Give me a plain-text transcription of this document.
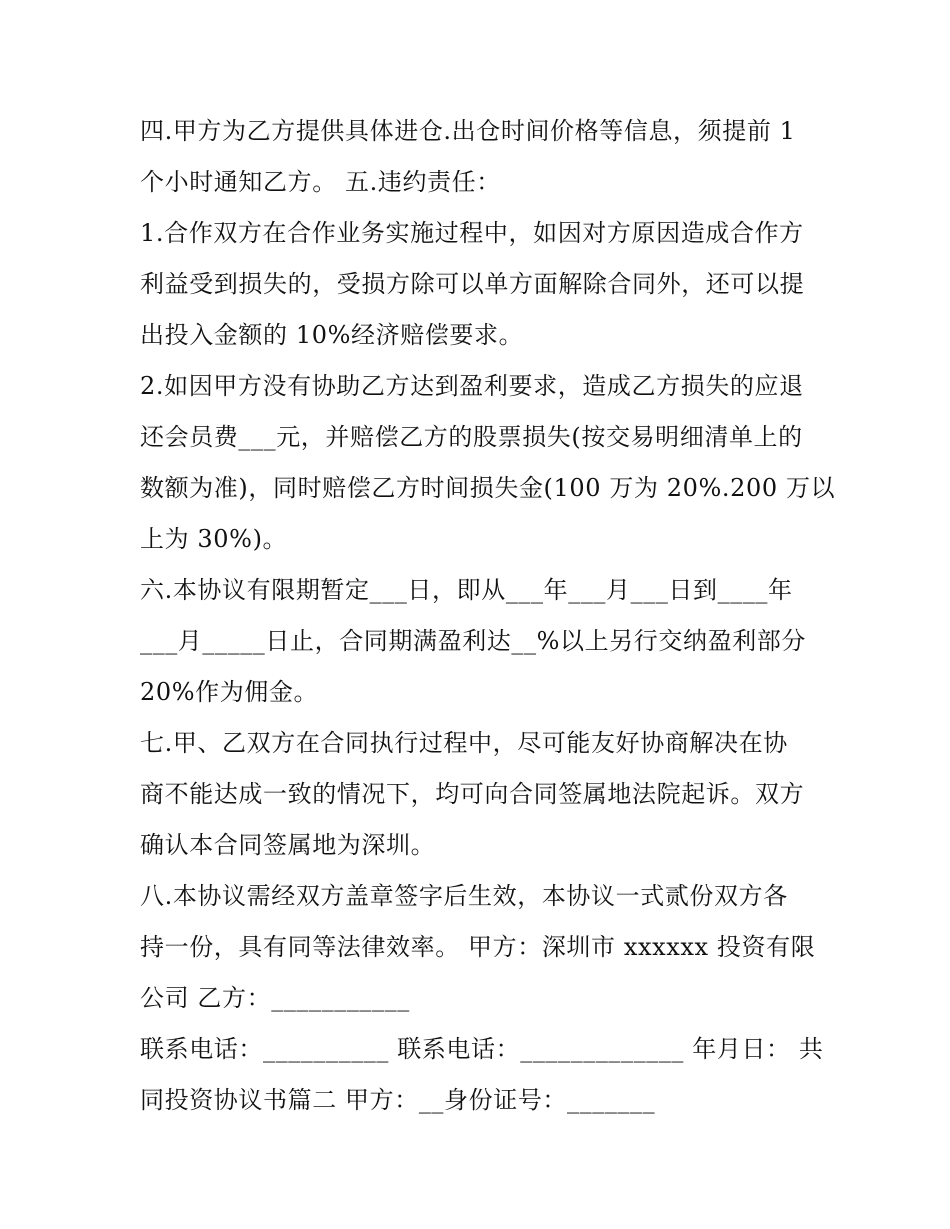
四.甲方为乙方提供具体进仓.出仓时间价格等信息，须提前 1
个小时通知乙方。 五.违约责任：
1.合作双方在合作业务实施过程中，如因对方原因造成合作方
利益受到损失的，受损方除可以单方面解除合同外，还可以提
出投入金额的 10%经济赔偿要求。
2.如因甲方没有协助乙方达到盈利要求，造成乙方损失的应退
还会员费___元，并赔偿乙方的股票损失(按交易明细清单上的
数额为准)，同时赔偿乙方时间损失金(100 万为 20%.200 万以
上为 30%)。
六.本协议有限期暂定___日，即从___年___月___日到____年
___月_____日止，合同期满盈利达__%以上另行交纳盈利部分
20%作为佣金。
七.甲、乙双方在合同执行过程中，尽可能友好协商解决在协
商不能达成一致的情况下，均可向合同签属地法院起诉。双方
确认本合同签属地为深圳。
八.本协议需经双方盖章签字后生效，本协议一式贰份双方各
持一份，具有同等法律效率。 甲方：深圳市 xxxxxx 投资有限
公司 乙方：___________
联系电话：__________ 联系电话：_____________ 年月日： 共
同投资协议书篇二 甲方：__身份证号：_______
